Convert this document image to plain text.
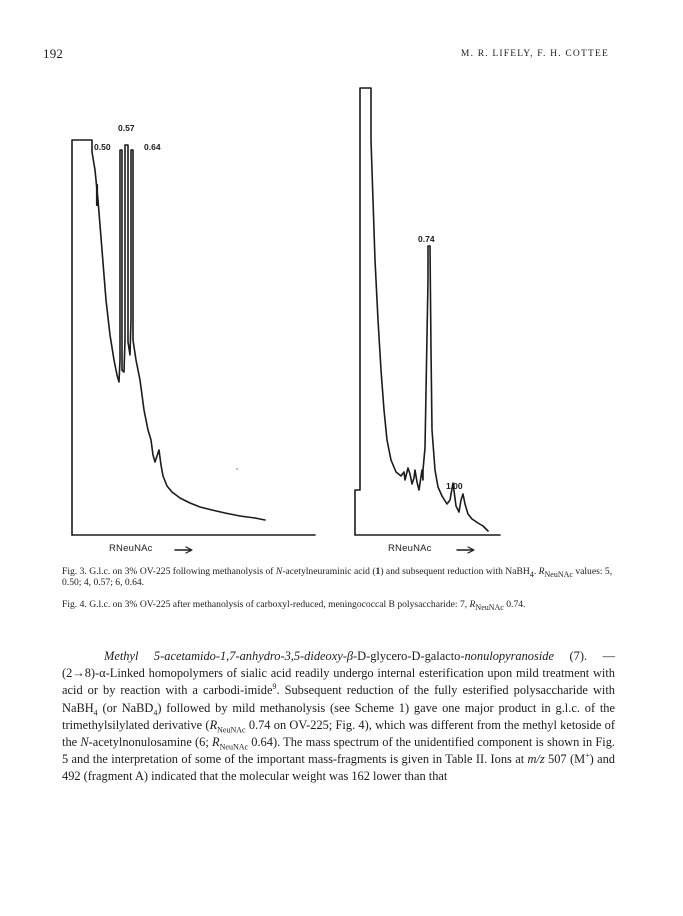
192	M. R. LIFELY, F. H. COTTEE
0.57
0.50	0.64
0.74
1.00
RNeuNAc	RNeuNAc
Fig. 3. G.l.c. on 3% OV-225 following methanolysis of N-acetylneuraminic acid (1) and subsequent reduction with NaBH$_4$. $R_{NeuNAc}$ values: 5, 0.50; 4, 0.57; 6, 0.64.
Fig. 4. G.l.c. on 3% OV-225 after methanolysis of carboxyl-reduced, meningococcal B polysaccharide: 7, $R_{NeuNAc}$ 0.74.
Methyl 5-acetamido-1,7-anhydro-3,5-dideoxy-β-D-glycero-D-galacto-nonulopyranoside (7). — (2→8)-α-Linked homopolymers of sialic acid readily undergo internal esterification upon mild treatment with acid or by reaction with a carbodi-imide$^9$. Subsequent reduction of the fully esterified polysaccharide with NaBH$_4$ (or NaBD$_4$) followed by mild methanolysis (see Scheme 1) gave one major product in g.l.c. of the trimethylsilylated derivative ($R_{NeuNAc}$ 0.74 on OV-225; Fig. 4), which was different from the methyl ketoside of the N-acetylnonulosamine (6; $R_{NeuNAc}$ 0.64). The mass spectrum of the unidentified component is shown in Fig. 5 and the interpretation of some of the important mass-fragments is given in Table II. Ions at m/z 507 (M+) and 492 (fragment A) indicated that the molecular weight was 162 lower than that
